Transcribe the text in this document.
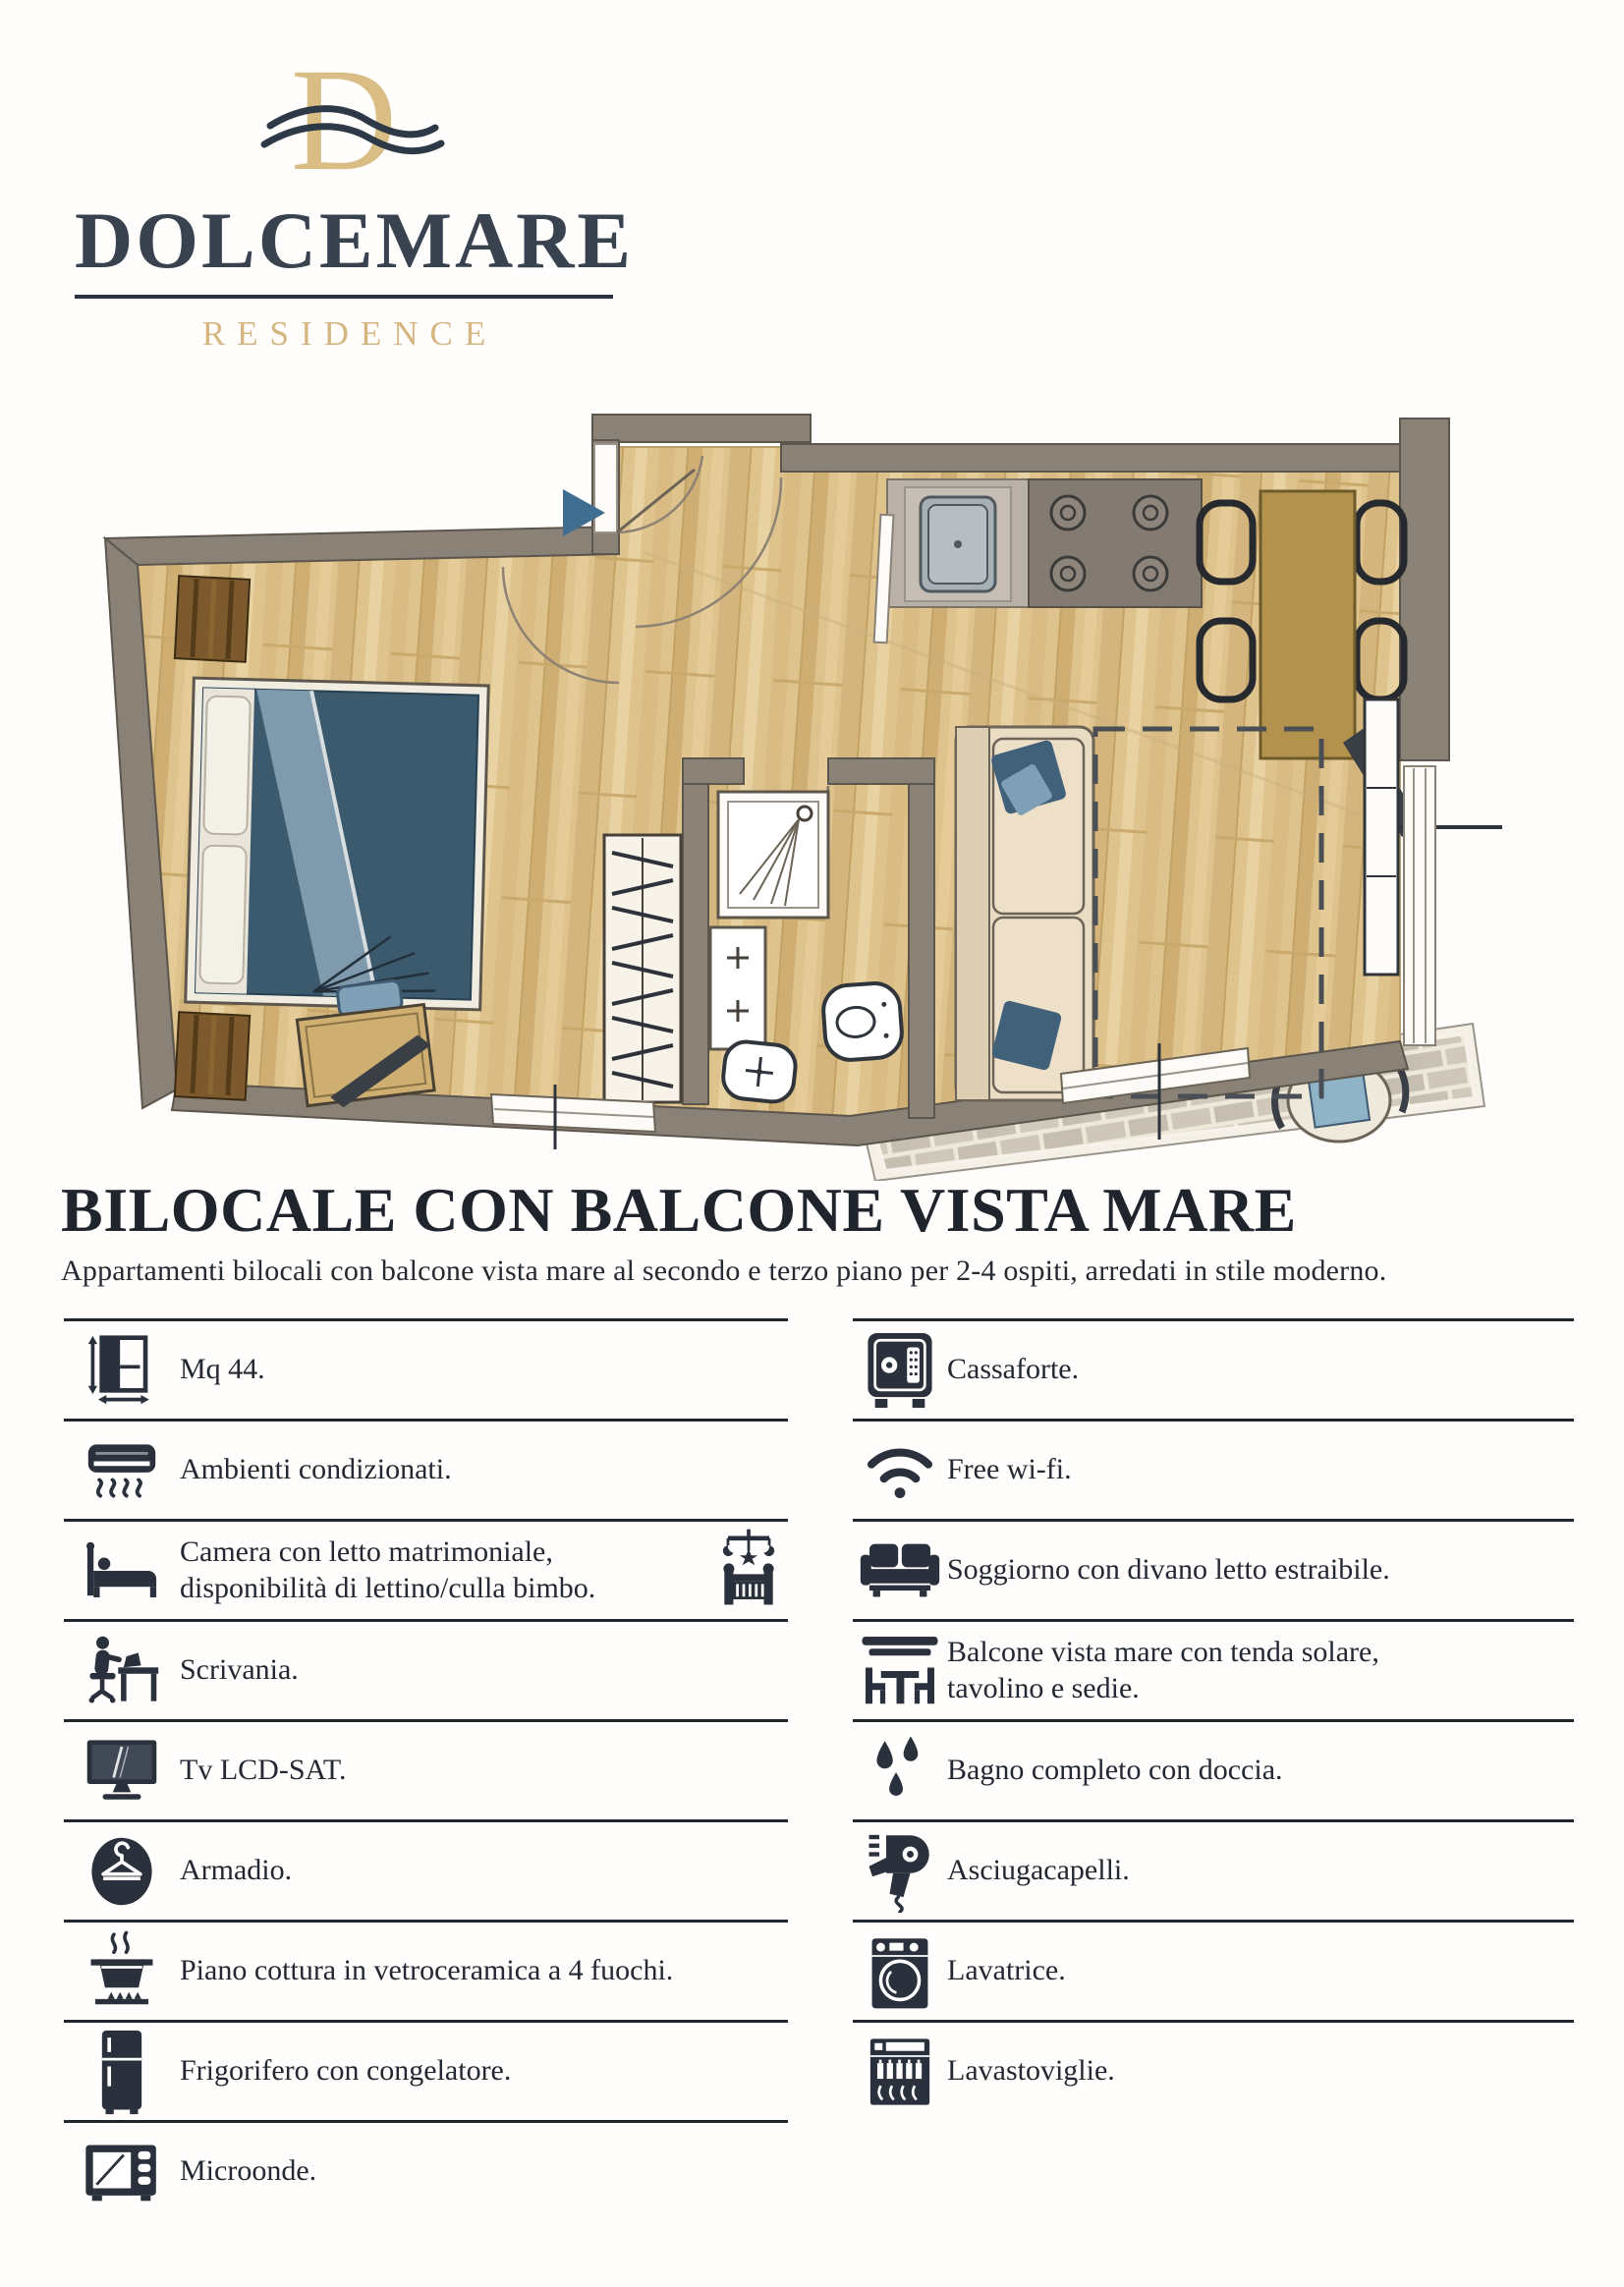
D
DOLCEMARE
RESIDENCE
BILOCALE CON BALCONE VISTA MARE
Appartamenti bilocali con balcone vista mare al secondo e terzo piano per 2-4 ospiti, arredati in stile moderno.
Mq 44.
Ambienti condizionati.
Camera con letto matrimoniale, disponibilità di lettino/culla bimbo.
Scrivania.
Tv LCD-SAT.
Armadio.
Piano cottura in vetroceramica a 4 fuochi.
Frigorifero con congelatore.
Microonde.
Cassaforte.
Free wi-fi.
Soggiorno con divano letto estraibile.
Balcone vista mare con tenda solare, tavolino e sedie.
Bagno completo con doccia.
Asciugacapelli.
Lavatrice.
Lavastoviglie.
